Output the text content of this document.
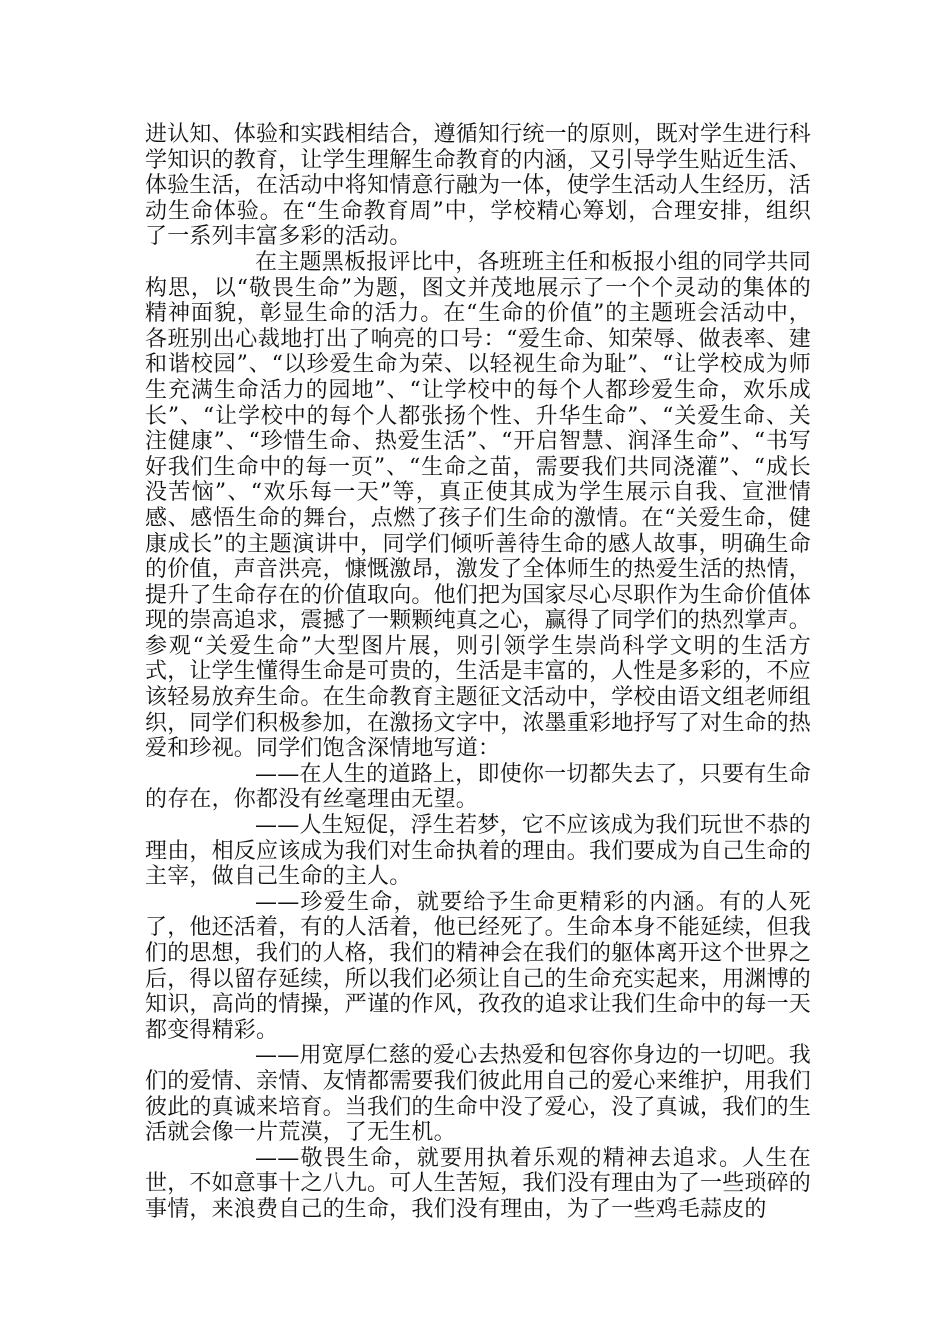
进认知、体验和实践相结合，遵循知行统一的原则，既对学生进行科学知识的教育，让学生理解生命教育的内涵，又引导学生贴近生活、体验生活，在活动中将知情意行融为一体，使学生活动人生经历，活动生命体验。在“生命教育周”中，学校精心筹划，合理安排，组织了一系列丰富多彩的活动。

在主题黑板报评比中，各班班主任和板报小组的同学共同构思，以“敬畏生命”为题，图文并茂地展示了一个个灵动的集体的精神面貌，彰显生命的活力。在“生命的价值”的主题班会活动中，各班别出心裁地打出了响亮的口号：“爱生命、知荣辱、做表率、建和谐校园”、“以珍爱生命为荣、以轻视生命为耻”、“让学校成为师生充满生命活力的园地”、“让学校中的每个人都珍爱生命，欢乐成长”、“让学校中的每个人都张扬个性、升华生命”、“关爱生命、关注健康”、“珍惜生命、热爱生活”、“开启智慧、润泽生命”、“书写好我们生命中的每一页”、“生命之苗，需要我们共同浇灌”、“成长没苦恼”、“欢乐每一天”等，真正使其成为学生展示自我、宣泄情感、感悟生命的舞台，点燃了孩子们生命的激情。在“关爱生命，健康成长”的主题演讲中，同学们倾听善待生命的感人故事，明确生命的价值，声音洪亮，慷慨激昂，激发了全体师生的热爱生活的热情，提升了生命存在的价值取向。他们把为国家尽心尽职作为生命价值体现的崇高追求，震撼了一颗颗纯真之心，赢得了同学们的热烈掌声。参观“关爱生命”大型图片展，则引领学生崇尚科学文明的生活方式，让学生懂得生命是可贵的，生活是丰富的，人性是多彩的，不应该轻易放弃生命。在生命教育主题征文活动中，学校由语文组老师组织，同学们积极参加，在激扬文字中，浓墨重彩地抒写了对生命的热爱和珍视。同学们饱含深情地写道：

——在人生的道路上，即使你一切都失去了，只要有生命的存在，你都没有丝毫理由无望。

——人生短促，浮生若梦，它不应该成为我们玩世不恭的理由，相反应该成为我们对生命执着的理由。我们要成为自己生命的主宰，做自己生命的主人。

——珍爱生命，就要给予生命更精彩的内涵。有的人死了，他还活着，有的人活着，他已经死了。生命本身不能延续，但我们的思想，我们的人格，我们的精神会在我们的躯体离开这个世界之后，得以留存延续，所以我们必须让自己的生命充实起来，用渊博的知识，高尚的情操，严谨的作风，孜孜的追求让我们生命中的每一天都变得精彩。

——用宽厚仁慈的爱心去热爱和包容你身边的一切吧。我们的爱情、亲情、友情都需要我们彼此用自己的爱心来维护，用我们彼此的真诚来培育。当我们的生命中没了爱心，没了真诚，我们的生活就会像一片荒漠，了无生机。

——敬畏生命，就要用执着乐观的精神去追求。人生在世，不如意事十之八九。可人生苦短，我们没有理由为了一些琐碎的事情，来浪费自己的生命，我们没有理由，为了一些鸡毛蒜皮的
